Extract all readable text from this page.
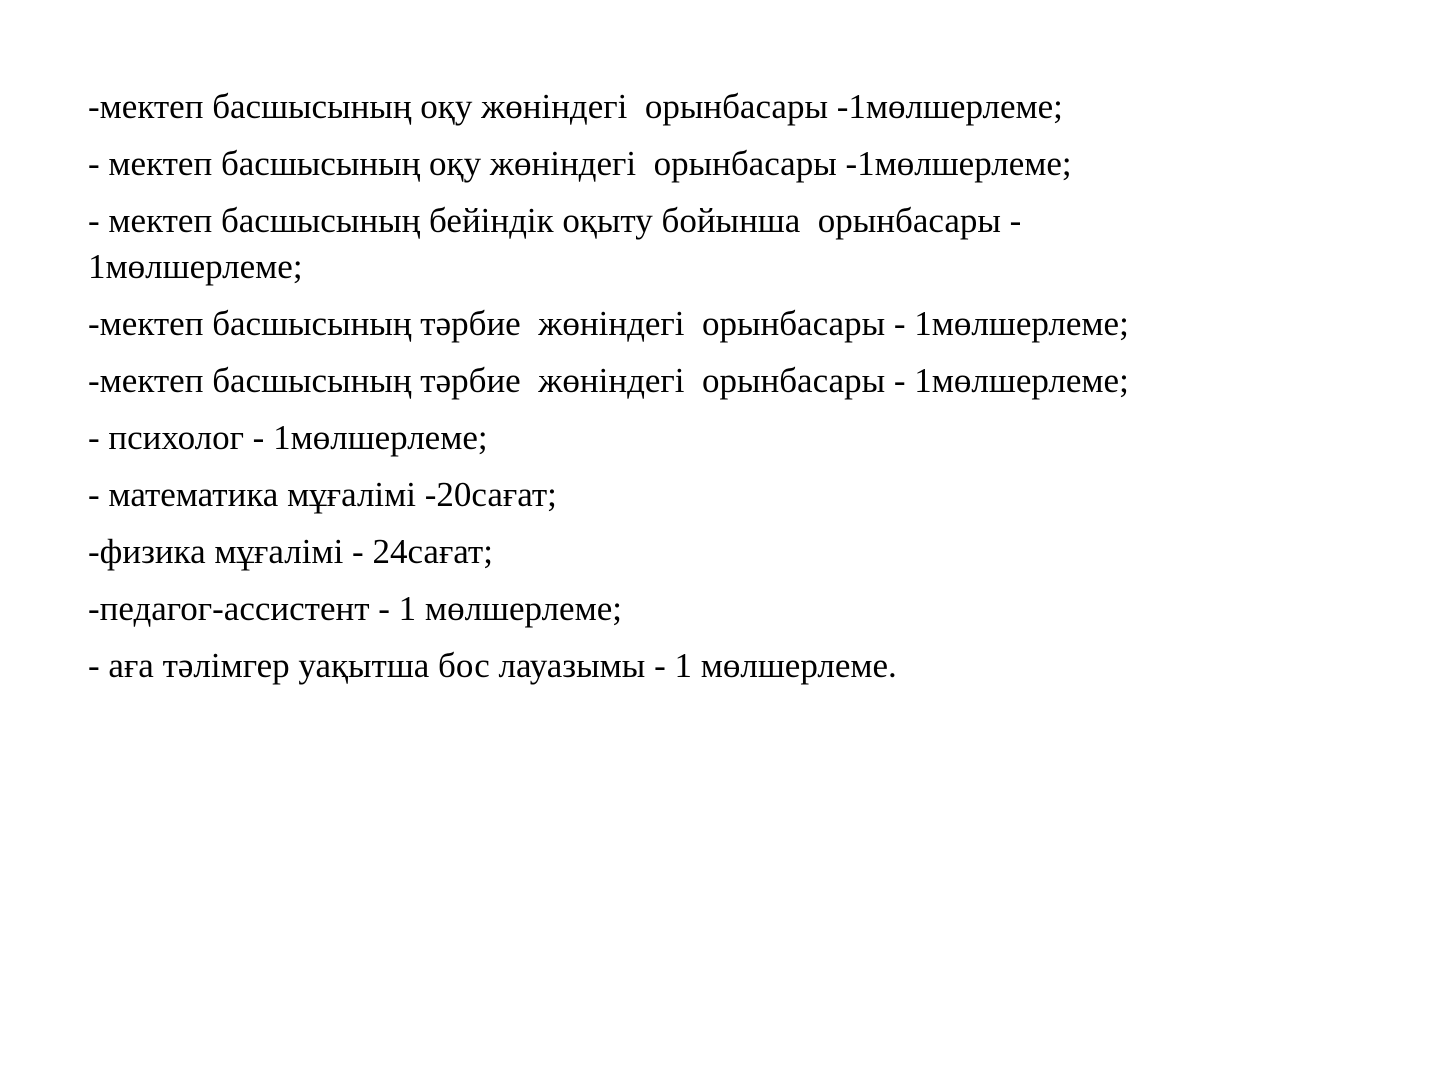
-мектеп басшысының оқу жөніндегі  орынбасары -1мөлшерлеме;
- мектеп басшысының оқу жөніндегі  орынбасары -1мөлшерлеме;
- мектеп басшысының бейіндік оқыту бойынша  орынбасары -
1мөлшерлеме;
-мектеп басшысының тәрбие  жөніндегі  орынбасары - 1мөлшерлеме;
-мектеп басшысының тәрбие  жөніндегі  орынбасары - 1мөлшерлеме;
- психолог - 1мөлшерлеме;
- математика мұғалімі -20сағат;
-физика мұғалімі - 24сағат;
-педагог-ассистент - 1 мөлшерлеме;
- аға тәлімгер уақытша бос лауазымы - 1 мөлшерлеме.
